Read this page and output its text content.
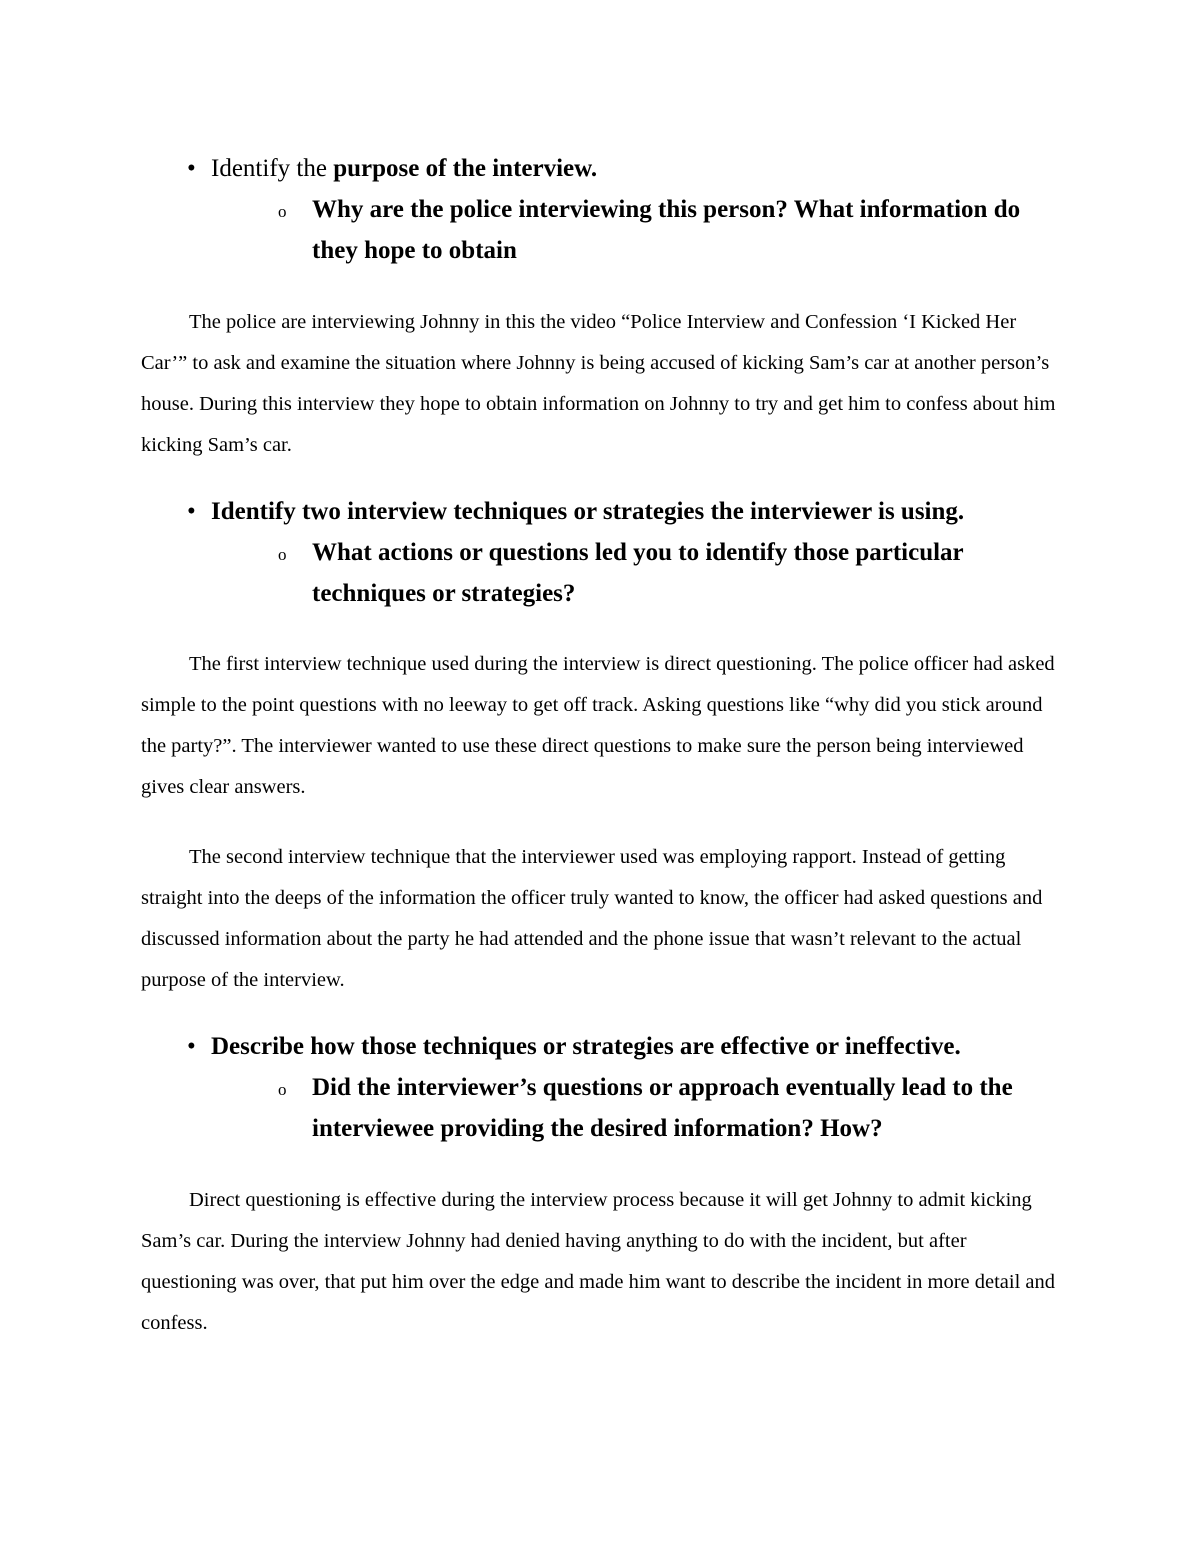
• Identify the purpose of the interview.
o Why are the police interviewing this person? What information do they hope to obtain

The police are interviewing Johnny in this the video “Police Interview and Confession ‘I Kicked Her Car’” to ask and examine the situation where Johnny is being accused of kicking Sam’s car at another person’s house. During this interview they hope to obtain information on Johnny to try and get him to confess about him kicking Sam’s car.

• Identify two interview techniques or strategies the interviewer is using.
o What actions or questions led you to identify those particular techniques or strategies?

The first interview technique used during the interview is direct questioning. The police officer had asked simple to the point questions with no leeway to get off track. Asking questions like “why did you stick around the party?”. The interviewer wanted to use these direct questions to make sure the person being interviewed gives clear answers.

The second interview technique that the interviewer used was employing rapport. Instead of getting straight into the deeps of the information the officer truly wanted to know, the officer had asked questions and discussed information about the party he had attended and the phone issue that wasn’t relevant to the actual purpose of the interview.

• Describe how those techniques or strategies are effective or ineffective.
o Did the interviewer’s questions or approach eventually lead to the interviewee providing the desired information? How?

Direct questioning is effective during the interview process because it will get Johnny to admit kicking Sam’s car. During the interview Johnny had denied having anything to do with the incident, but after questioning was over, that put him over the edge and made him want to describe the incident in more detail and confess.
